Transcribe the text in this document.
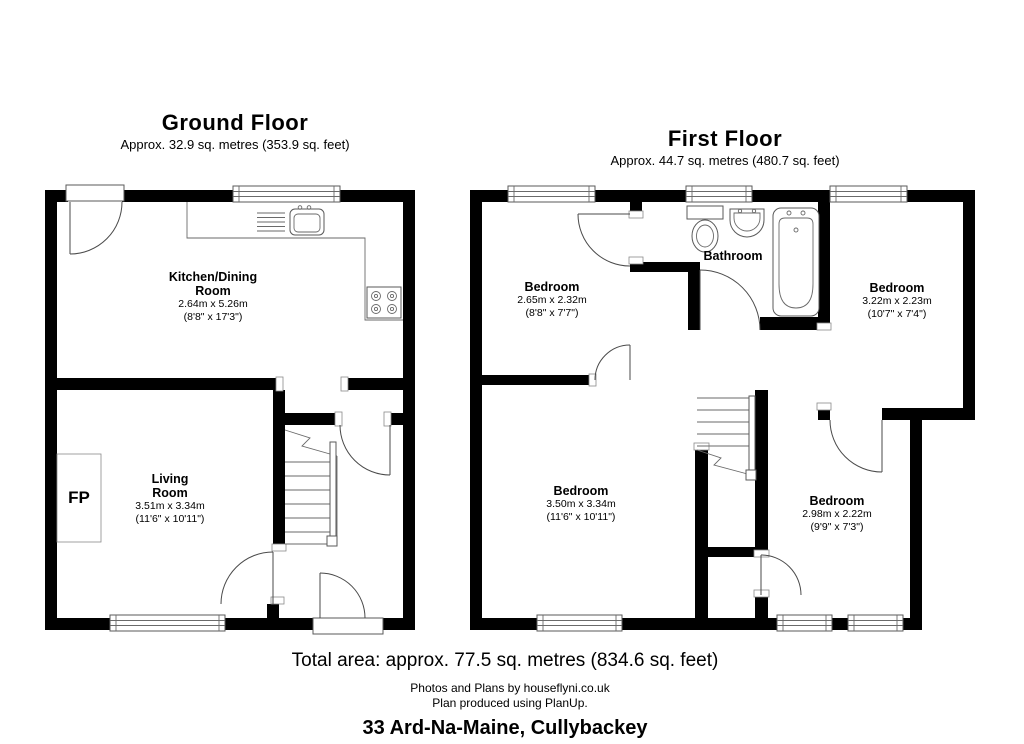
Ground Floor
Approx. 32.9 sq. metres (353.9 sq. feet)	First Floor
Approx. 44.7 sq. metres (480.7 sq. feet)
Kitchen/Dining Room
2.64m x 5.26m
(8'8" x 17'3")
Living Room
3.51m x 3.34m
(11'6" x 10'11")
FP
Bedroom
2.65m x 2.32m
(8'8" x 7'7")
Bathroom
Bedroom
3.22m x 2.23m
(10'7" x 7'4")
Bedroom
3.50m x 3.34m
(11'6" x 10'11")
Bedroom
2.98m x 2.22m
(9'9" x 7'3")
Total area: approx. 77.5 sq. metres (834.6 sq. feet)
Photos and Plans by houseflyni.co.uk
Plan produced using PlanUp.
33 Ard-Na-Maine, Cullybackey
